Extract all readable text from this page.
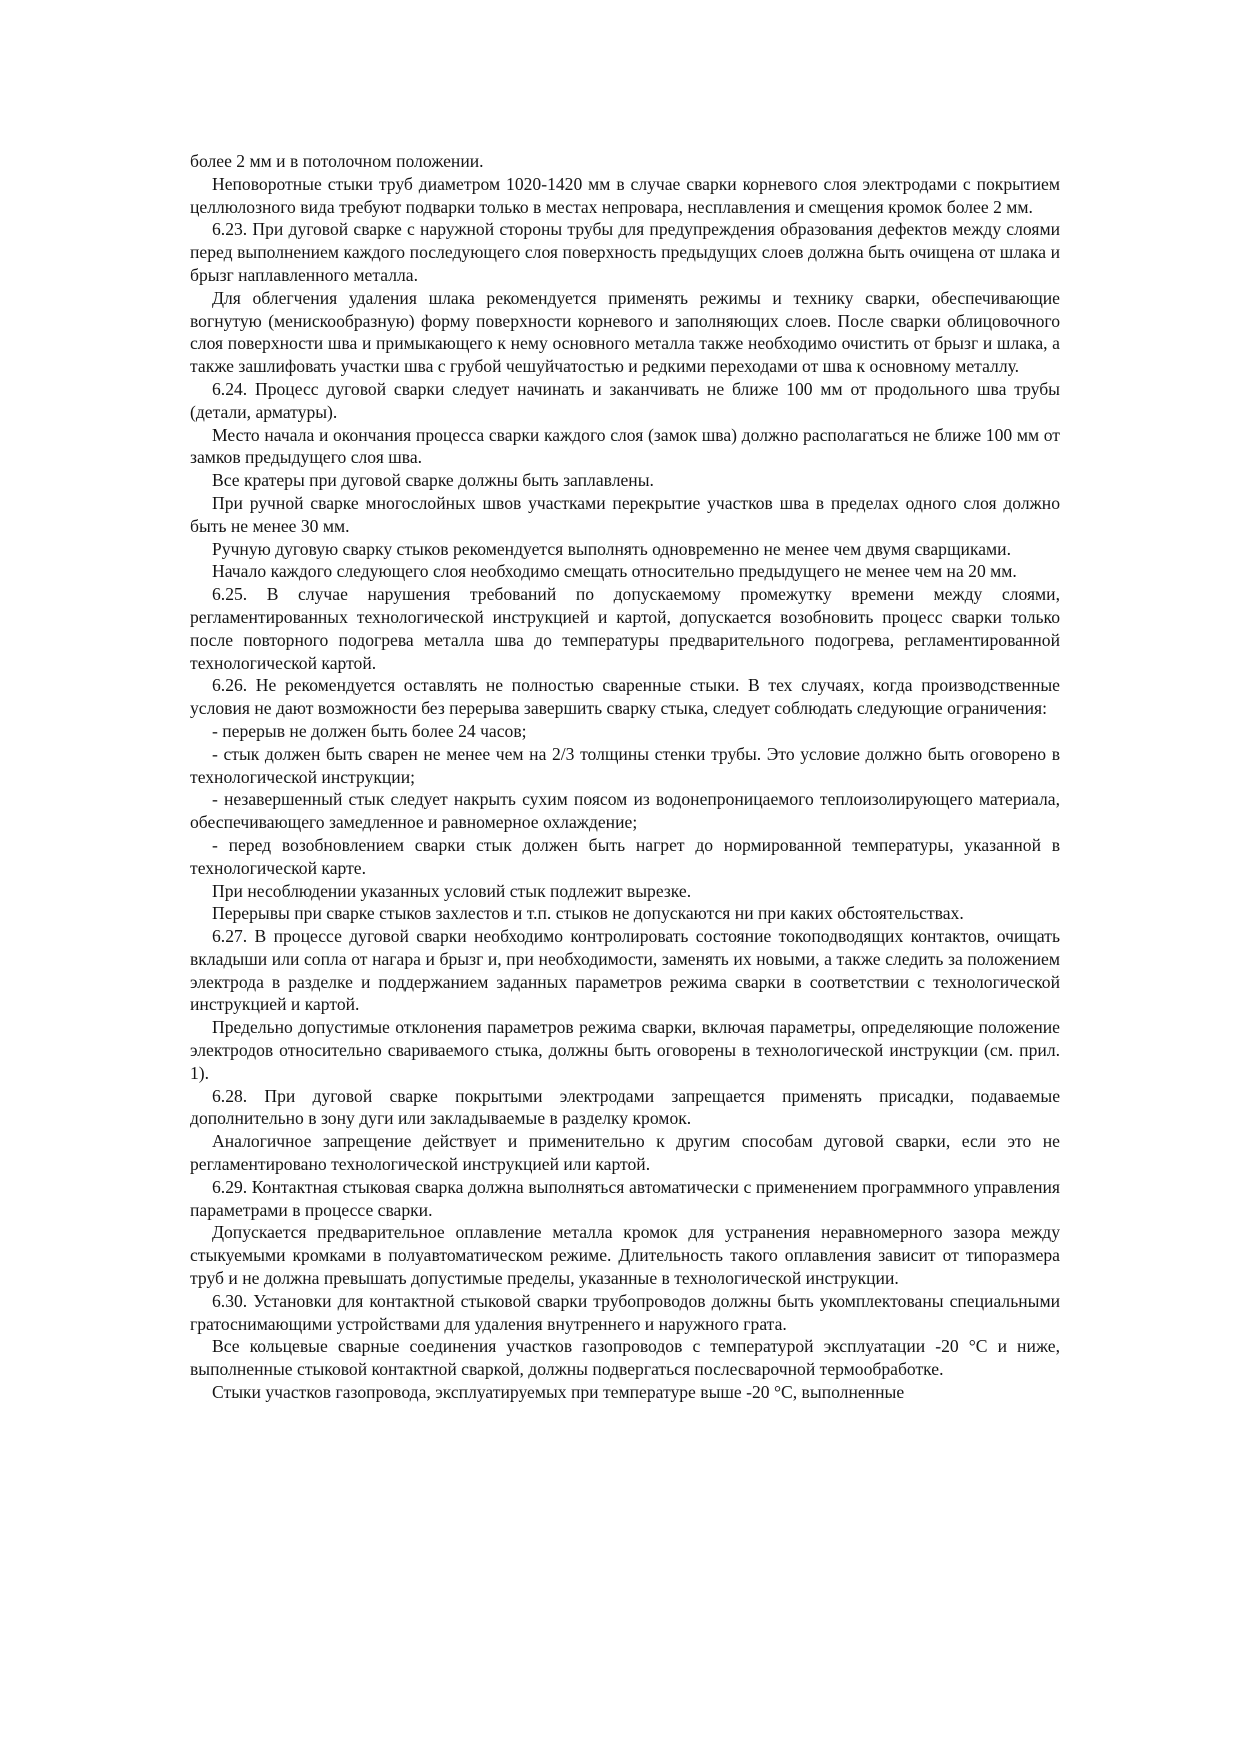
более 2 мм и в потолочном положении.

Неповоротные стыки труб диаметром 1020-1420 мм в случае сварки корневого слоя электродами с покрытием целлюлозного вида требуют подварки только в местах непровара, несплавления и смещения кромок более 2 мм.

6.23. При дуговой сварке с наружной стороны трубы для предупреждения образования дефектов между слоями перед выполнением каждого последующего слоя поверхность предыдущих слоев должна быть очищена от шлака и брызг наплавленного металла.

Для облегчения удаления шлака рекомендуется применять режимы и технику сварки, обеспечивающие вогнутую (менискообразную) форму поверхности корневого и заполняющих слоев. После сварки облицовочного слоя поверхности шва и примыкающего к нему основного металла также необходимо очистить от брызг и шлака, а также зашлифовать участки шва с грубой чешуйчатостью и редкими переходами от шва к основному металлу.

6.24. Процесс дуговой сварки следует начинать и заканчивать не ближе 100 мм от продольного шва трубы (детали, арматуры).

Место начала и окончания процесса сварки каждого слоя (замок шва) должно располагаться не ближе 100 мм от замков предыдущего слоя шва.

Все кратеры при дуговой сварке должны быть заплавлены.

При ручной сварке многослойных швов участками перекрытие участков шва в пределах одного слоя должно быть не менее 30 мм.

Ручную дуговую сварку стыков рекомендуется выполнять одновременно не менее чем двумя сварщиками.

Начало каждого следующего слоя необходимо смещать относительно предыдущего не менее чем на 20 мм.

6.25. В случае нарушения требований по допускаемому промежутку времени между слоями, регламентированных технологической инструкцией и картой, допускается возобновить процесс сварки только после повторного подогрева металла шва до температуры предварительного подогрева, регламентированной технологической картой.

6.26. Не рекомендуется оставлять не полностью сваренные стыки. В тех случаях, когда производственные условия не дают возможности без перерыва завершить сварку стыка, следует соблюдать следующие ограничения:

- перерыв не должен быть более 24 часов;

- стык должен быть сварен не менее чем на 2/3 толщины стенки трубы. Это условие должно быть оговорено в технологической инструкции;

- незавершенный стык следует накрыть сухим поясом из водонепроницаемого теплоизолирующего материала, обеспечивающего замедленное и равномерное охлаждение;

- перед возобновлением сварки стык должен быть нагрет до нормированной температуры, указанной в технологической карте.

При несоблюдении указанных условий стык подлежит вырезке.

Перерывы при сварке стыков захлестов и т.п. стыков не допускаются ни при каких обстоятельствах.

6.27. В процессе дуговой сварки необходимо контролировать состояние токоподводящих контактов, очищать вкладыши или сопла от нагара и брызг и, при необходимости, заменять их новыми, а также следить за положением электрода в разделке и поддержанием заданных параметров режима сварки в соответствии с технологической инструкцией и картой.

Предельно допустимые отклонения параметров режима сварки, включая параметры, определяющие положение электродов относительно свариваемого стыка, должны быть оговорены в технологической инструкции (см. прил. 1).

6.28. При дуговой сварке покрытыми электродами запрещается применять присадки, подаваемые дополнительно в зону дуги или закладываемые в разделку кромок.

Аналогичное запрещение действует и применительно к другим способам дуговой сварки, если это не регламентировано технологической инструкцией или картой.

6.29. Контактная стыковая сварка должна выполняться автоматически с применением программного управления параметрами в процессе сварки.

Допускается предварительное оплавление металла кромок для устранения неравномерного зазора между стыкуемыми кромками в полуавтоматическом режиме. Длительность такого оплавления зависит от типоразмера труб и не должна превышать допустимые пределы, указанные в технологической инструкции.

6.30. Установки для контактной стыковой сварки трубопроводов должны быть укомплектованы специальными гратоснимающими устройствами для удаления внутреннего и наружного грата.

Все кольцевые сварные соединения участков газопроводов с температурой эксплуатации -20 °С и ниже, выполненные стыковой контактной сваркой, должны подвергаться послесварочной термообработке.

Стыки участков газопровода, эксплуатируемых при температуре выше -20 °С, выполненные
